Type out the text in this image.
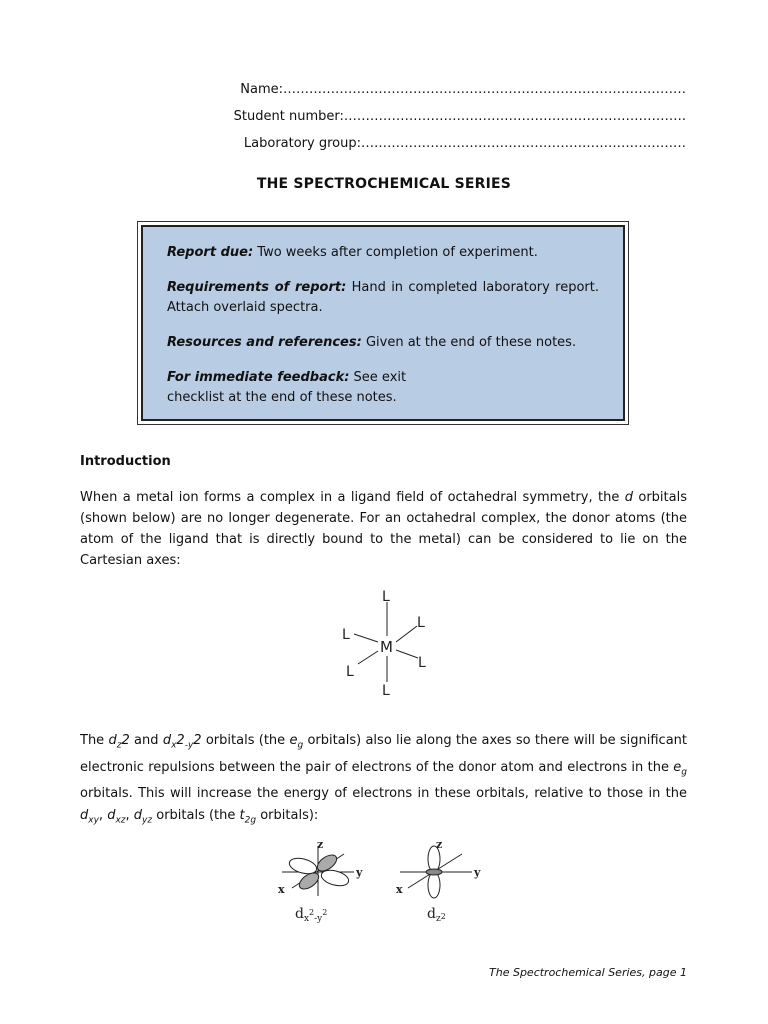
Name:…………………………………………………………………………………
Student number:…………………………………………………………………….
Laboratory group:…………………………………………………………………
THE SPECTROCHEMICAL SERIES

Report due: Two weeks after completion of experiment.

Requirements of report: Hand in completed laboratory report. Attach overlaid spectra.

Resources and references: Given at the end of these notes.

For immediate feedback: See exit checklist at the end of these notes.

Introduction
When a metal ion forms a complex in a ligand field of octahedral symmetry, the d orbitals (shown below) are no longer degenerate. For an octahedral complex, the donor atoms (the atom of the ligand that is directly bound to the metal) can be considered to lie on the Cartesian axes:
M
L
L
L
L
L
L
The $d_z2$ and $d_x2_{-y}2$ orbitals (the $e_g$ orbitals) also lie along the axes so there will be significant electronic repulsions between the pair of electrons of the donor atom and electrons in the $e_g$ orbitals. This will increase the energy of electrons in these orbitals, relative to those in the $d_{xy}$, $d_{xz}$, $d_{yz}$ orbitals (the $t_{2g}$ orbitals):
z
y
x
$d_x^2_{-y}^2$
z
y
x
$d_z2$
The Spectrochemical Series, page 1
